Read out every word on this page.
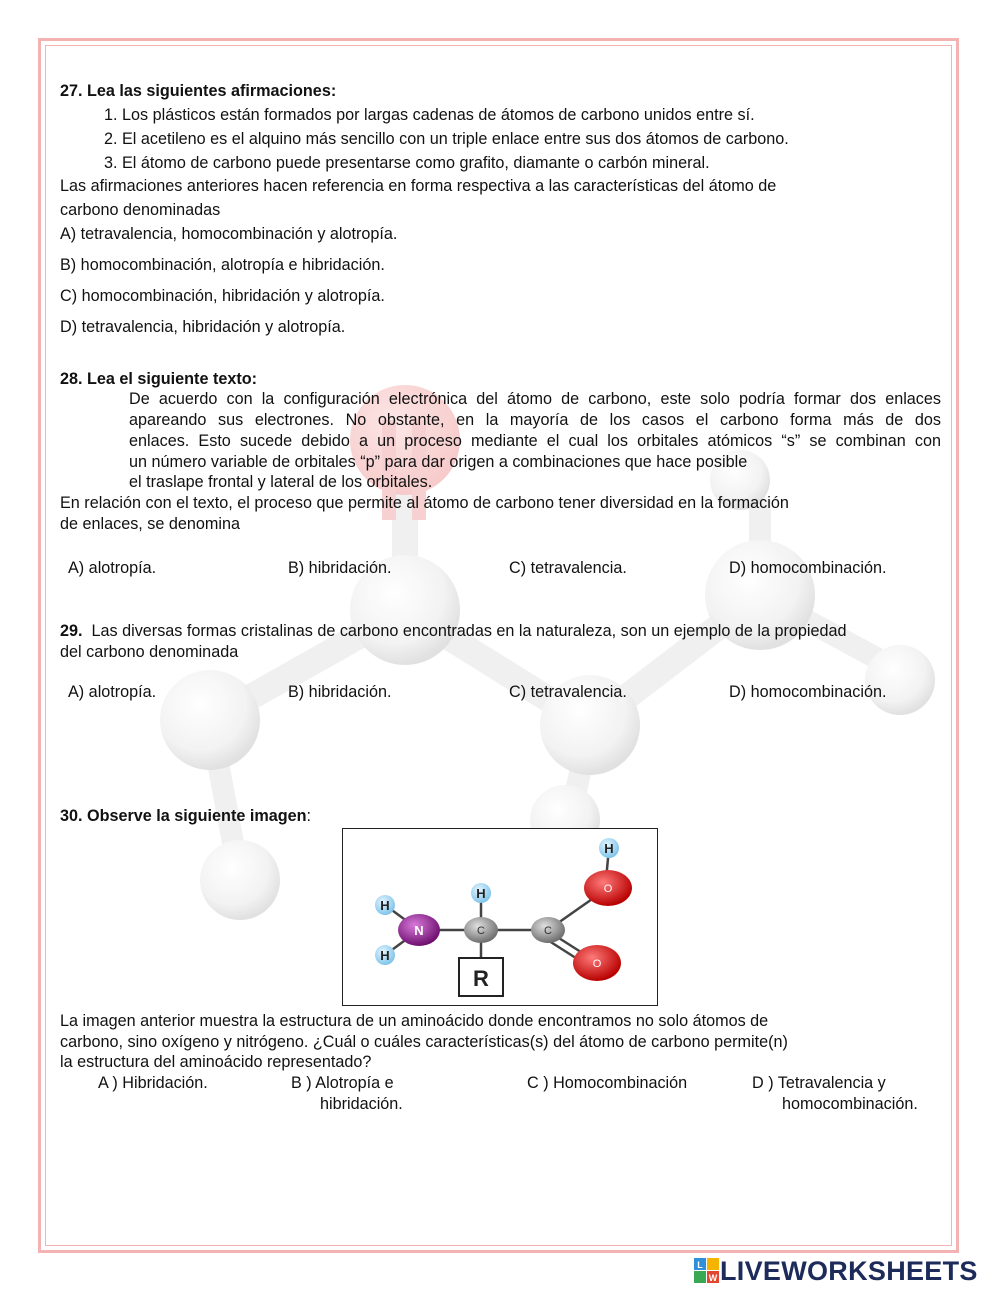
27. Lea las siguientes afirmaciones:
1. Los plásticos están formados por largas cadenas de átomos de carbono unidos entre sí.
2. El acetileno es el alquino más sencillo con un triple enlace entre sus dos átomos de carbono.
3. El átomo de carbono puede presentarse como grafito, diamante o carbón mineral.
Las afirmaciones anteriores hacen referencia en forma respectiva a las características del átomo de
carbono denominadas
A) tetravalencia, homocombinación y alotropía.
B) homocombinación, alotropía e hibridación.
C) homocombinación, hibridación y alotropía.
D) tetravalencia, hibridación y alotropía.
28. Lea el siguiente texto:
De acuerdo con la configuración electrónica del átomo de carbono, este solo podría formar dos enlaces
apareando sus electrones. No obstante, en la mayoría de los casos el carbono forma más de dos
enlaces. Esto sucede debido a un proceso mediante el cual los orbitales atómicos “s” se combinan con
un número variable de orbitales “p” para dar origen a combinaciones que hace posible
el traslape frontal y lateral de los orbitales.
En relación con el texto, el proceso que permite al átomo de carbono tener diversidad en la formación
de enlaces, se denomina
A) alotropía.	B) hibridación.	C) tetravalencia.	D) homocombinación.
29. Las diversas formas cristalinas de carbono encontradas en la naturaleza, son un ejemplo de la propiedad
del carbono denominada
A) alotropía.	B) hibridación.	C) tetravalencia.	D) homocombinación.
30. Observe la siguiente imagen:
H
H
N
H
C	C
O
H
O
R
La imagen anterior muestra la estructura de un aminoácido donde encontramos no solo átomos de
carbono, sino oxígeno y nitrógeno. ¿Cuál o cuáles características(s) del átomo de carbono permite(n)
la estructura del aminoácido representado?
A ) Hibridación.	B ) Alotropía e
hibridación.
C ) Homocombinación	D ) Tetravalencia y
homocombinación.
L
W LIVEWORKSHEETS
